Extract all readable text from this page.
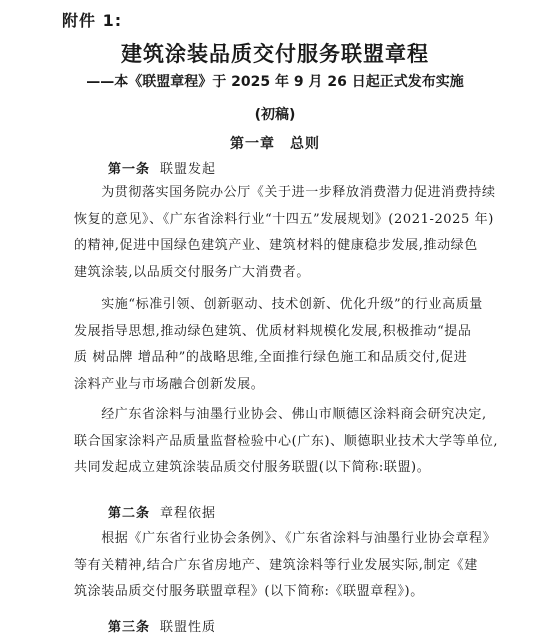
附件 1:
建筑涂装品质交付服务联盟章程
——本《联盟章程》于 2025 年 9 月 26 日起正式发布实施
(初稿)
第一章　总则
第一条 联盟发起

　　为贯彻落实国务院办公厅《关于进一步释放消费潜力促进消费持续

恢复的意见》、《广东省涂料行业“十四五”发展规划》(2021-2025 年)

的精神,促进中国绿色建筑产业、建筑材料的健康稳步发展,推动绿色

建筑涂装,以品质交付服务广大消费者。

　　实施“标准引领、创新驱动、技术创新、优化升级”的行业高质量

发展指导思想,推动绿色建筑、优质材料规模化发展,积极推动“提品

质 树品牌 增品种”的战略思维,全面推行绿色施工和品质交付,促进

涂料产业与市场融合创新发展。

　　经广东省涂料与油墨行业协会、佛山市顺德区涂料商会研究决定,

联合国家涂料产品质量监督检验中心(广东)、顺德职业技术大学等单位,

共同发起成立建筑涂装品质交付服务联盟(以下简称:联盟)。

第二条 章程依据

　　根据《广东省行业协会条例》、《广东省涂料与油墨行业协会章程》

等有关精神,结合广东省房地产、建筑涂料等行业发展实际,制定《建

筑涂装品质交付服务联盟章程》(以下简称:《联盟章程》)。

第三条 联盟性质
